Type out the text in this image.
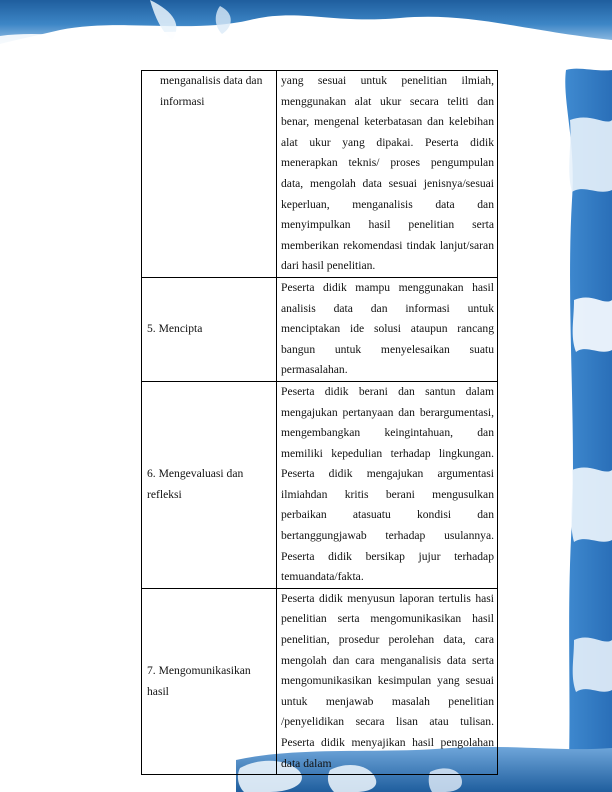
menganalisis data dan informasi	yang sesuai untuk penelitian ilmiah, menggunakan alat ukur secara teliti dan benar, mengenal keterbatasan dan kelebihan alat ukur yang dipakai. Peserta didik menerapkan teknis/ proses pengumpulan data, mengolah data sesuai jenisnya/sesuai keperluan, menganalisis data dan menyimpulkan hasil penelitian serta memberikan rekomendasi tindak lanjut/saran dari hasil penelitian.
5. Mencipta	Peserta didik mampu menggunakan hasil analisis data dan informasi untuk menciptakan ide solusi ataupun rancang bangun untuk menyelesaikan suatu permasalahan.
6. Mengevaluasi dan refleksi	Peserta didik berani dan santun dalam mengajukan pertanyaan dan berargumentasi, mengembangkan keingintahuan, dan memiliki kepedulian terhadap lingkungan. Peserta didik mengajukan argumentasi ilmiahdan kritis berani mengusulkan perbaikan atasuatu kondisi dan bertanggungjawab terhadap usulannya. Peserta didik bersikap jujur terhadap temuandata/fakta.
7. Mengomunikasikan hasil	Peserta didik menyusun laporan tertulis hasi penelitian serta mengomunikasikan hasil penelitian, prosedur perolehan data, cara mengolah dan cara menganalisis data serta mengomunikasikan kesimpulan yang sesuai untuk menjawab masalah penelitian /penyelidikan secara lisan atau tulisan. Peserta didik menyajikan hasil pengolahan data dalam
